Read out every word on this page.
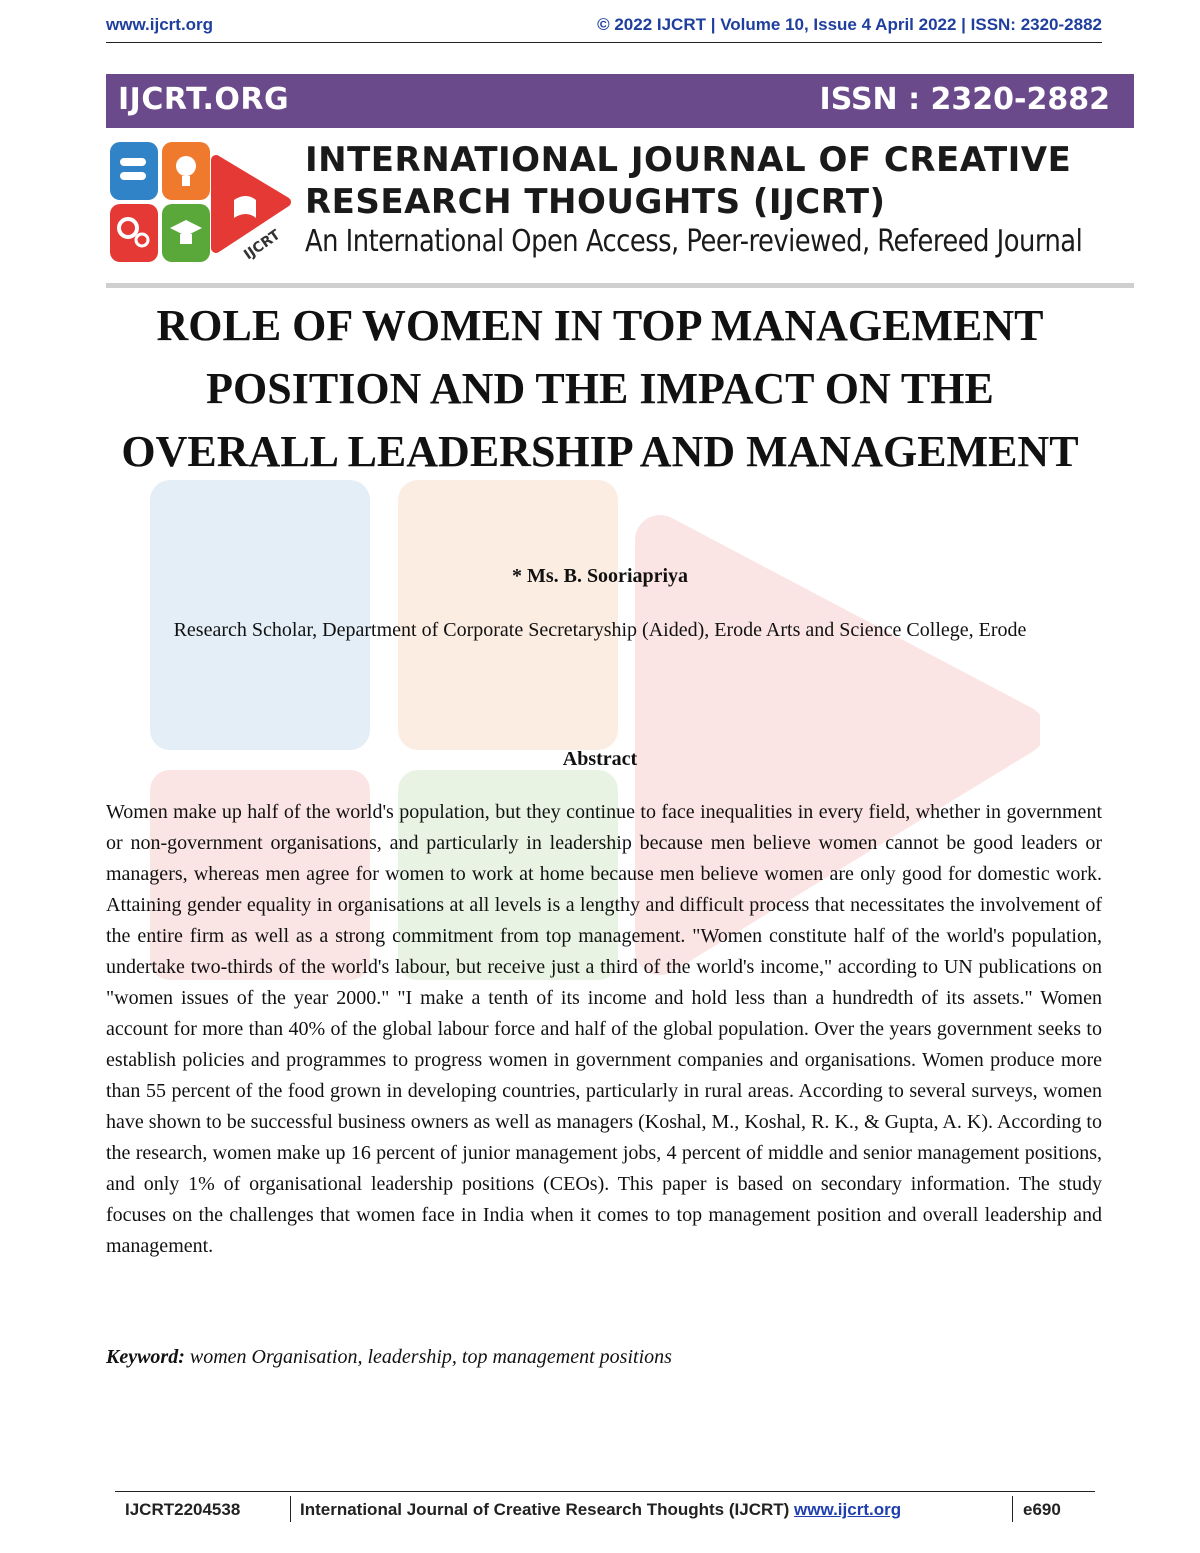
www.ijcrt.org	© 2022 IJCRT | Volume 10, Issue 4 April 2022 | ISSN: 2320-2882
IJCRT.ORG	ISSN : 2320-2882
IJCRT
INTERNATIONAL JOURNAL OF CREATIVE
RESEARCH THOUGHTS (IJCRT)
An International Open Access, Peer-reviewed, Refereed Journal
ROLE OF WOMEN IN TOP MANAGEMENT POSITION AND THE IMPACT ON THE OVERALL LEADERSHIP AND MANAGEMENT
* Ms. B. Sooriapriya
Research Scholar, Department of Corporate Secretaryship (Aided), Erode Arts and Science College, Erode
Abstract
Women make up half of the world's population, but they continue to face inequalities in every field, whether in government or non-government organisations, and particularly in leadership because men believe women cannot be good leaders or managers, whereas men agree for women to work at home because men believe women are only good for domestic work. Attaining gender equality in organisations at all levels is a lengthy and difficult process that necessitates the involvement of the entire firm as well as a strong commitment from top management. "Women constitute half of the world's population, undertake two-thirds of the world's labour, but receive just a third of the world's income," according to UN publications on "women issues of the year 2000." "I make a tenth of its income and hold less than a hundredth of its assets." Women account for more than 40% of the global labour force and half of the global population. Over the years government seeks to establish policies and programmes to progress women in government companies and organisations. Women produce more than 55 percent of the food grown in developing countries, particularly in rural areas. According to several surveys, women have shown to be successful business owners as well as managers (Koshal, M., Koshal, R. K., & Gupta, A. K). According to the research, women make up 16 percent of junior management jobs, 4 percent of middle and senior management positions, and only 1% of organisational leadership positions (CEOs). This paper is based on secondary information. The study focuses on the challenges that women face in India when it comes to top management position and overall leadership and management.
Keyword: women Organisation, leadership, top management positions
IJCRT2204538	International Journal of Creative Research Thoughts (IJCRT) www.ijcrt.org	e690
